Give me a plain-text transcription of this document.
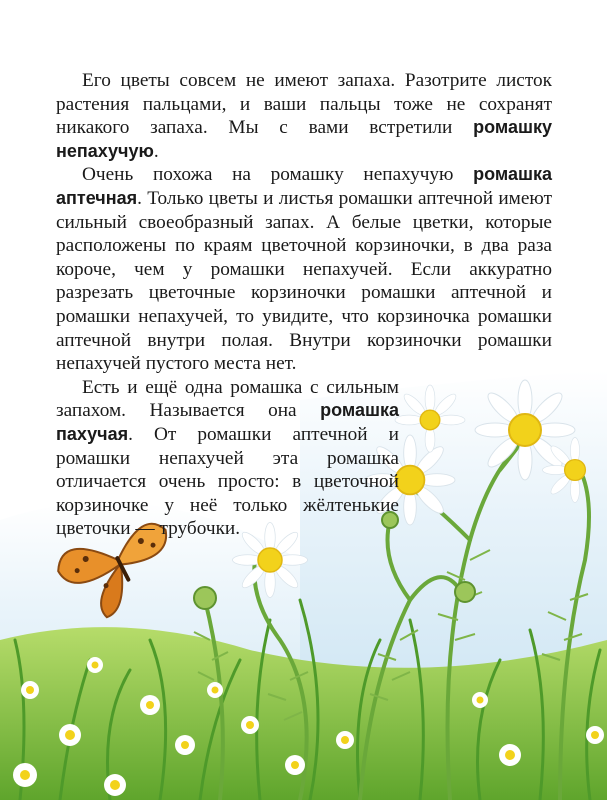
Его цветы совсем не имеют запаха. Разотрите листок растения пальцами, и ваши пальцы тоже не сохранят никакого запаха. Мы с вами встретили ромашку непахучую.

Очень похожа на ромашку непахучую ромашка аптечная. Только цветы и листья ромашки аптечной имеют сильный своеобразный запах. А белые цветки, которые расположены по краям цветочной корзиночки, в два раза короче, чем у ромашки непахучей. Если аккуратно разрезать цветочные корзиночки ромашки аптечной и ромашки непахучей, то увидите, что корзиночка ромашки аптечной внутри полая. Внутри корзиночки ромашки непахучей пустого места нет.

Есть и ещё одна ромашка с сильным запахом. Называется она ромашка пахучая. От ромашки аптечной и ромашки непахучей эта ромашка отличается очень просто: в цветочной корзиночке у неё только жёлтенькие цветочки — трубочки.
